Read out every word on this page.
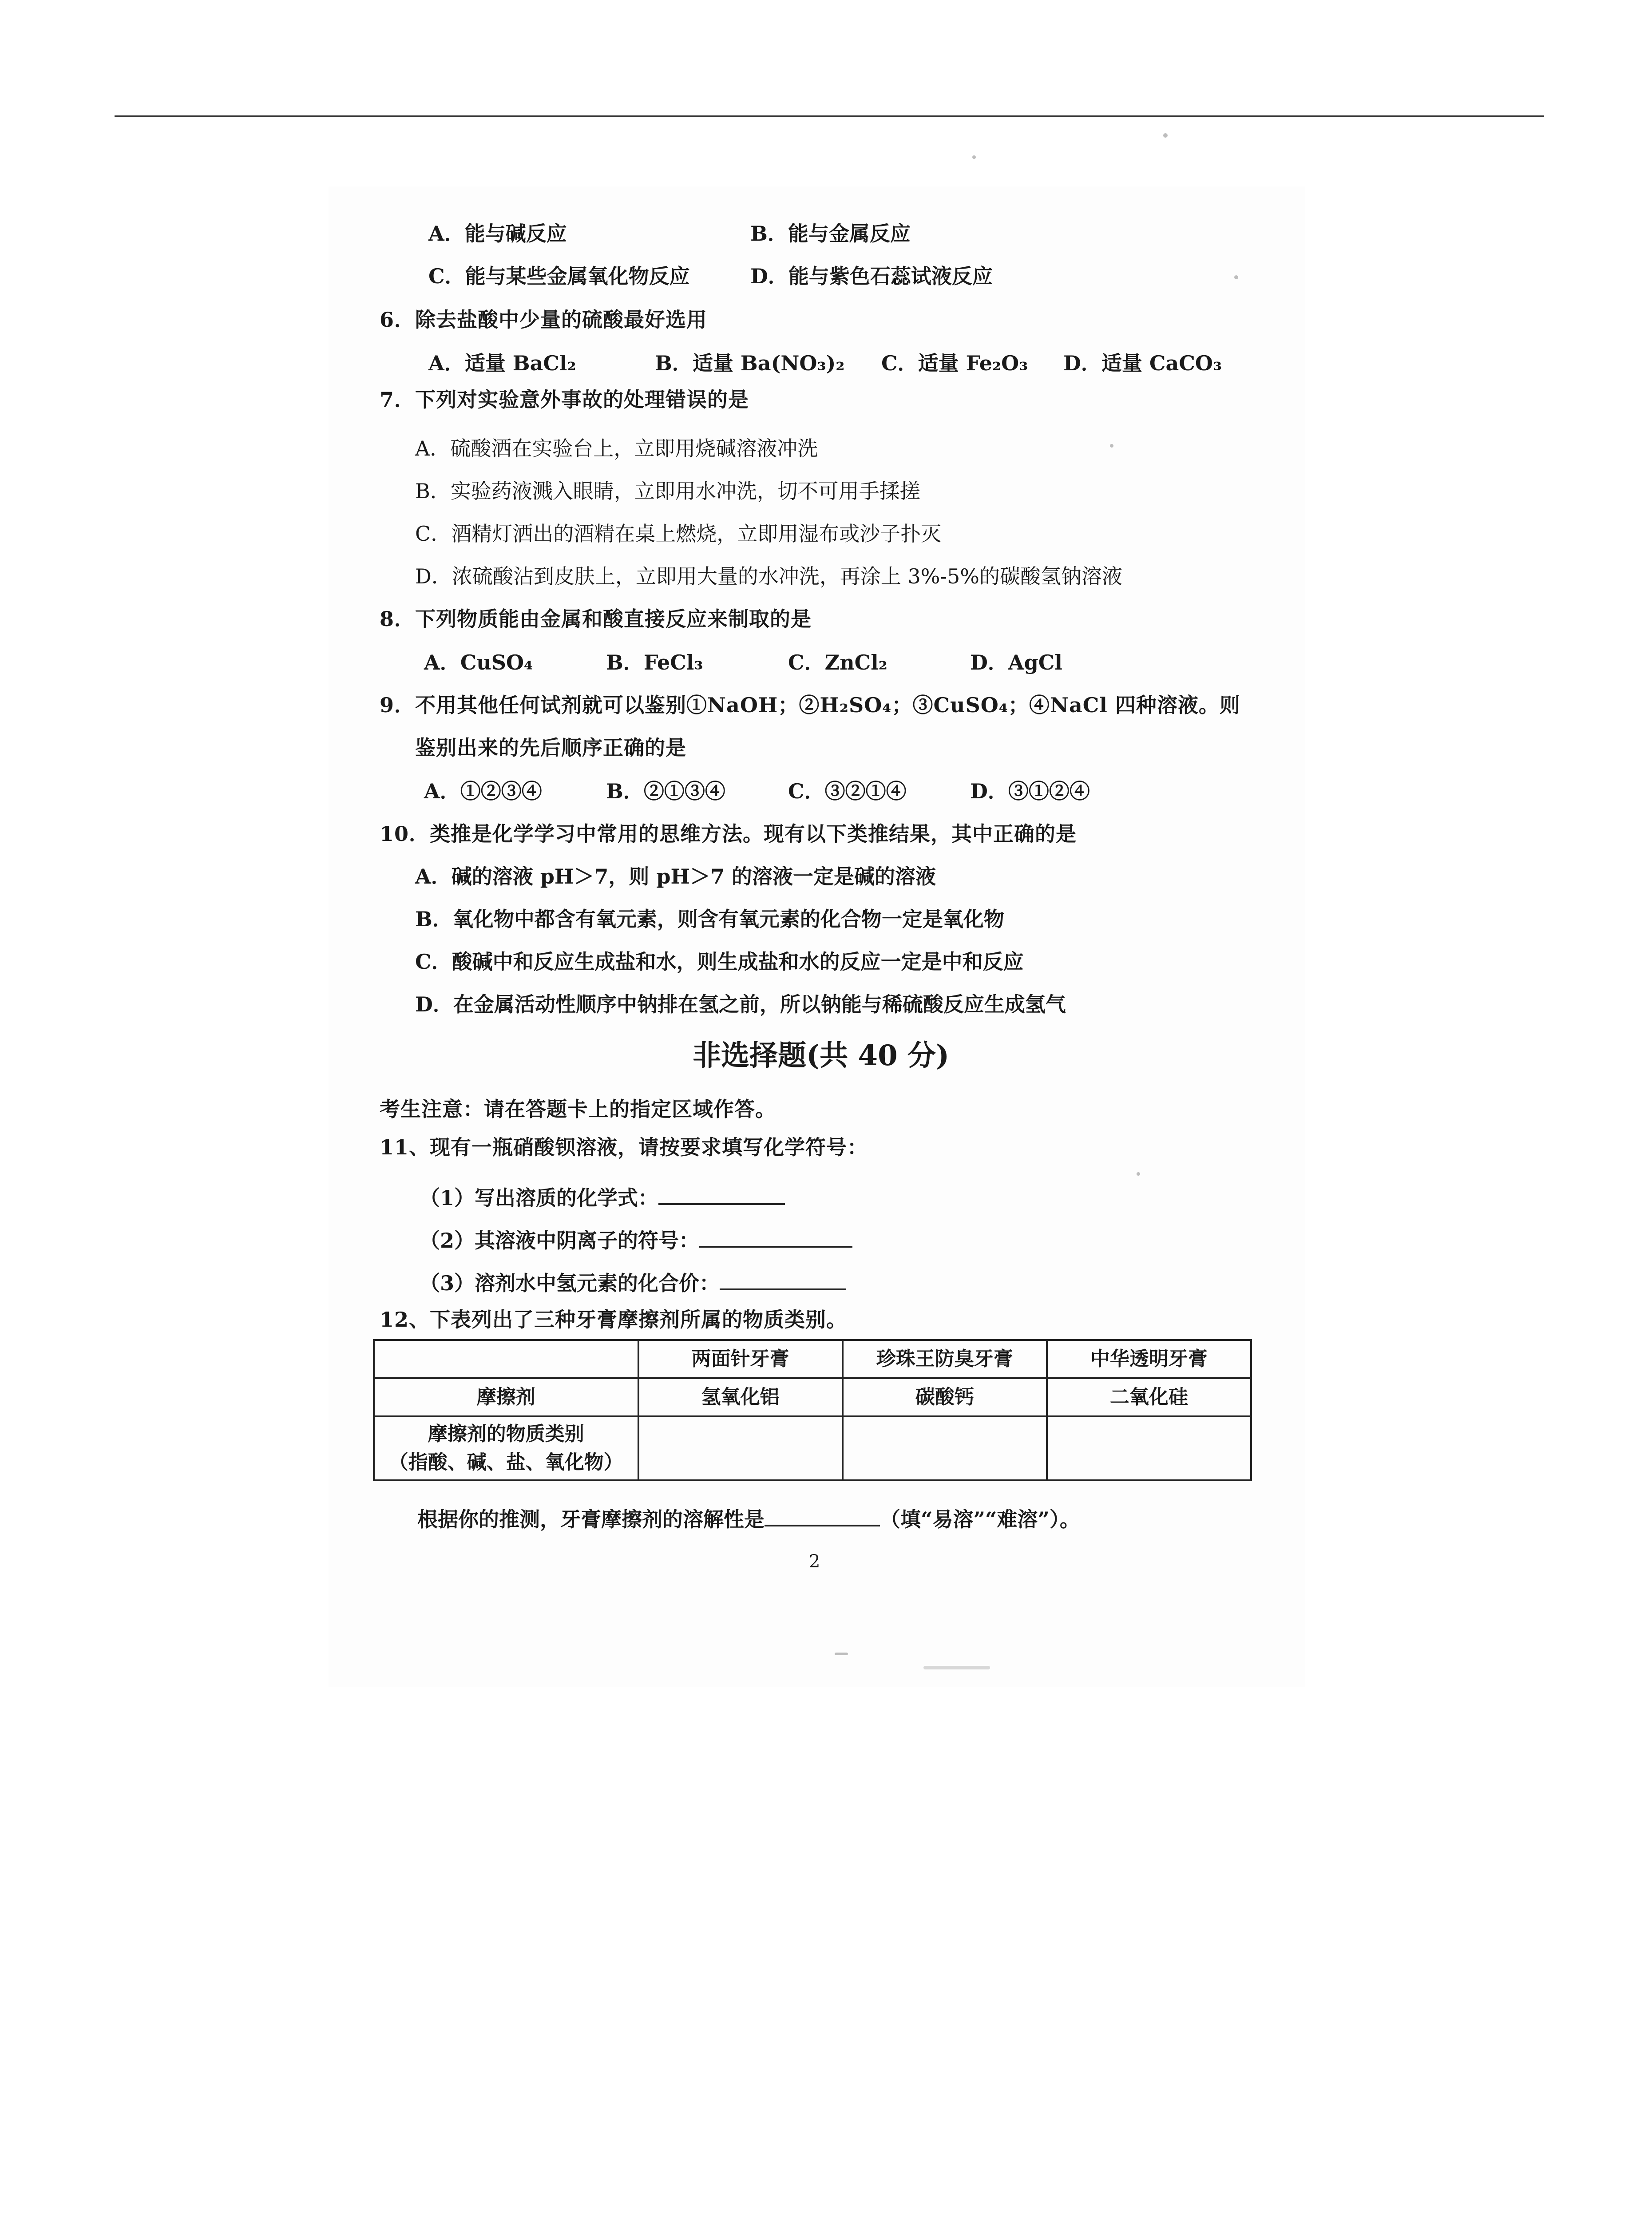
A．能与碱反应	B．能与金属反应
C．能与某些金属氧化物反应	D．能与紫色石蕊试液反应
6．除去盐酸中少量的硫酸最好选用
A．适量 BaCl₂	B．适量 Ba(NO₃)₂ C．适量 Fe₂O₃ D．适量 CaCO₃
7．下列对实验意外事故的处理错误的是
A．硫酸洒在实验台上，立即用烧碱溶液冲洗
B．实验药液溅入眼睛，立即用水冲洗，切不可用手揉搓
C．酒精灯洒出的酒精在桌上燃烧，立即用湿布或沙子扑灭
D．浓硫酸沾到皮肤上，立即用大量的水冲洗，再涂上 3%-5%的碳酸氢钠溶液
8．下列物质能由金属和酸直接反应来制取的是
A．CuSO₄	B．FeCl₃	C．ZnCl₂	D．AgCl
9．不用其他任何试剂就可以鉴别①NaOH；②H₂SO₄；③CuSO₄；④NaCl 四种溶液。则
鉴别出来的先后顺序正确的是
A．①②③④	B．②①③④	C．③②①④	D．③①②④
10．类推是化学学习中常用的思维方法。现有以下类推结果，其中正确的是
A．碱的溶液 pH＞7，则 pH＞7 的溶液一定是碱的溶液
B．氧化物中都含有氧元素，则含有氧元素的化合物一定是氧化物
C．酸碱中和反应生成盐和水，则生成盐和水的反应一定是中和反应
D．在金属活动性顺序中钠排在氢之前，所以钠能与稀硫酸反应生成氢气
非选择题(共 40 分)
考生注意：请在答题卡上的指定区域作答。
11、现有一瓶硝酸钡溶液，请按要求填写化学符号：
（1）写出溶质的化学式：
（2）其溶液中阴离子的符号：
（3）溶剂水中氢元素的化合价：
12、下表列出了三种牙膏摩擦剂所属的物质类别。
	两面针牙膏	珍珠王防臭牙膏	中华透明牙膏
摩擦剂	氢氧化铝	碳酸钙	二氧化硅

摩擦剂的物质类别
（指酸、碱、盐、氧化物）			

根据你的推测，牙膏摩擦剂的溶解性是	（填“易溶”“难溶”）。
2
